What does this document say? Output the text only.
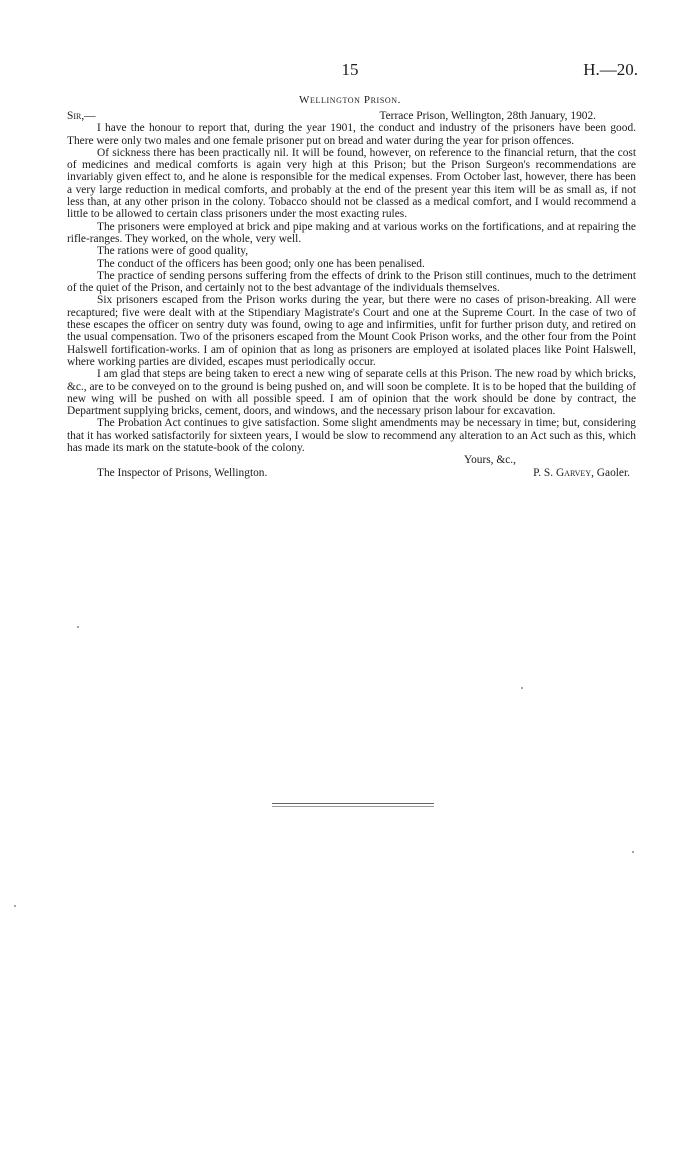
15	H.—20.
Wellington Prison.
Sir,—	Terrace Prison, Wellington, 28th January, 1902.

I have the honour to report that, during the year 1901, the conduct and industry of the prisoners have been good. There were only two males and one female prisoner put on bread and water during the year for prison offences.

Of sickness there has been practically nil. It will be found, however, on reference to the financial return, that the cost of medicines and medical comforts is again very high at this Prison; but the Prison Surgeon's recommendations are invariably given effect to, and he alone is responsible for the medical expenses. From October last, however, there has been a very large reduction in medical comforts, and probably at the end of the present year this item will be as small as, if not less than, at any other prison in the colony. Tobacco should not be classed as a medical comfort, and I would recommend a little to be allowed to certain class prisoners under the most exacting rules.

The prisoners were employed at brick and pipe making and at various works on the fortifications, and at repairing the rifle-ranges. They worked, on the whole, very well.

The rations were of good quality,

The conduct of the officers has been good; only one has been penalised.

The practice of sending persons suffering from the effects of drink to the Prison still continues, much to the detriment of the quiet of the Prison, and certainly not to the best advantage of the individuals themselves.

Six prisoners escaped from the Prison works during the year, but there were no cases of prison-breaking. All were recaptured; five were dealt with at the Stipendiary Magistrate's Court and one at the Supreme Court. In the case of two of these escapes the officer on sentry duty was found, owing to age and infirmities, unfit for further prison duty, and retired on the usual compensation. Two of the prisoners escaped from the Mount Cook Prison works, and the other four from the Point Halswell fortification-works. I am of opinion that as long as prisoners are employed at isolated places like Point Halswell, where working parties are divided, escapes must periodically occur.

I am glad that steps are being taken to erect a new wing of separate cells at this Prison. The new road by which bricks, &c., are to be conveyed on to the ground is being pushed on, and will soon be complete. It is to be hoped that the building of new wing will be pushed on with all possible speed. I am of opinion that the work should be done by contract, the Department supplying bricks, cement, doors, and windows, and the necessary prison labour for excavation.

The Probation Act continues to give satisfaction. Some slight amendments may be necessary in time; but, considering that it has worked satisfactorily for sixteen years, I would be slow to recommend any alteration to an Act such as this, which has made its mark on the statute-book of the colony.

Yours, &c.,
The Inspector of Prisons, Wellington.	P. S. Garvey, Gaoler.
